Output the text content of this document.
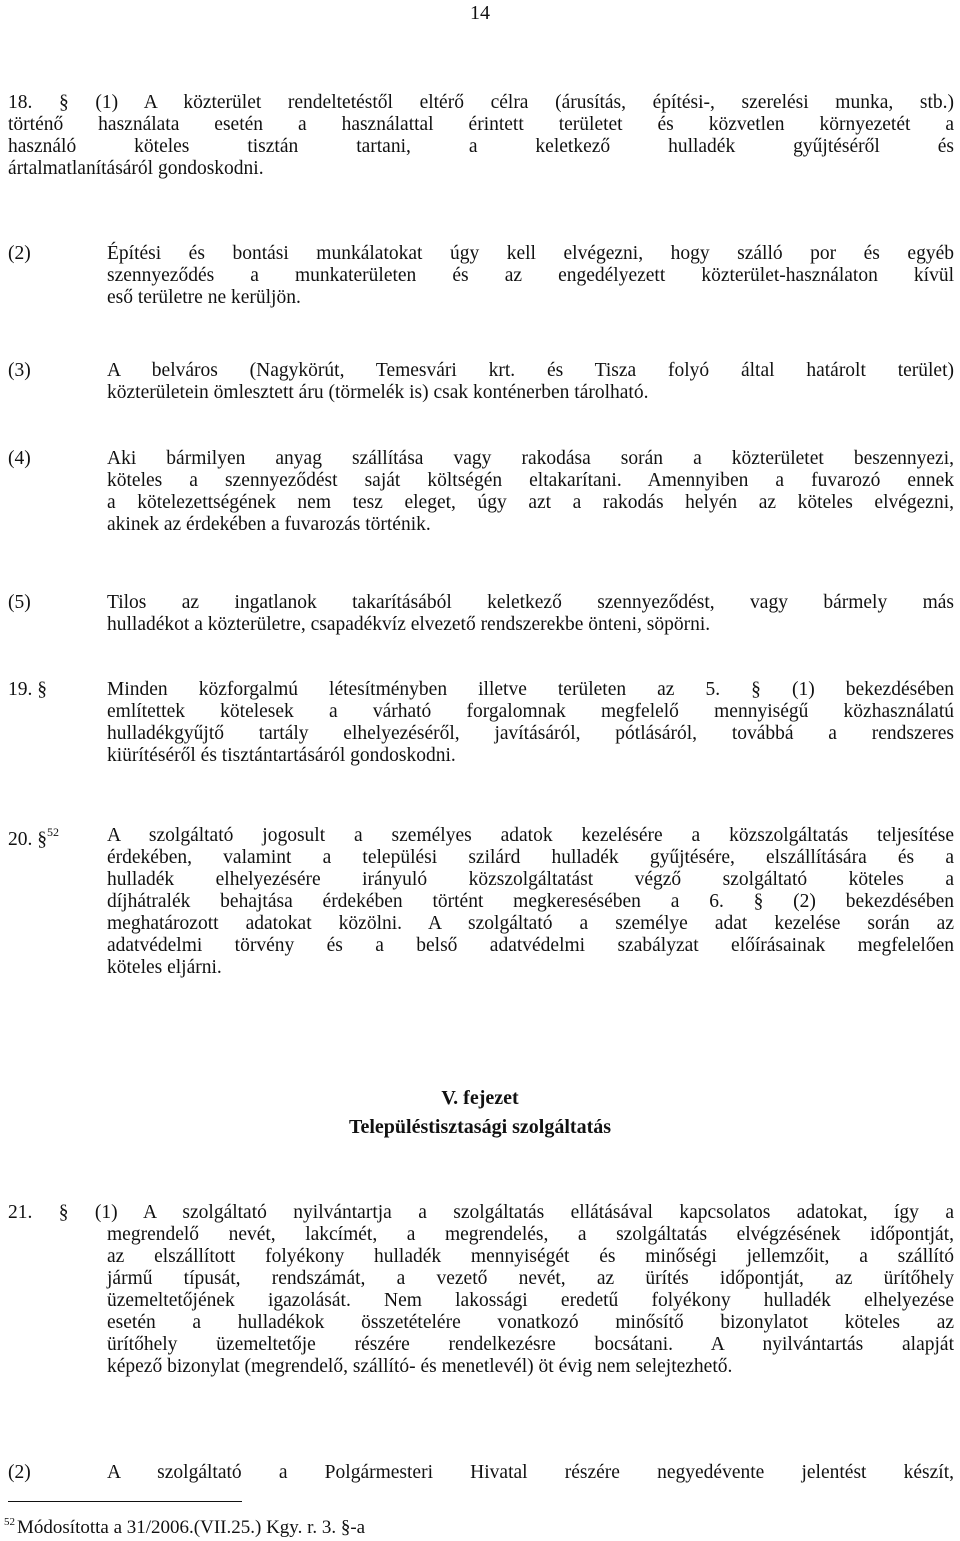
14
18. § (1) A közterület rendeltetéstől eltérő célra (árusítás, építési-, szerelési munka, stb.)
történő használata esetén a használattal érintett területet és közvetlen környezetét a
használó köteles tisztán tartani, a keletkező hulladék gyűjtéséről és
ártalmatlanításáról gondoskodni.
(2)	Építési és bontási munkálatokat úgy kell elvégezni, hogy szálló por és egyéb
szennyeződés a munkaterületen és az engedélyezett közterület-használaton kívül
eső területre ne kerüljön.
(3)	A belváros (Nagykörút, Temesvári krt. és Tisza folyó által határolt terület)
közterületein ömlesztett áru (törmelék is) csak konténerben tárolható.
(4)	Aki bármilyen anyag szállítása vagy rakodása során a közterületet beszennyezi,
köteles a szennyeződést saját költségén eltakarítani. Amennyiben a fuvarozó ennek
a kötelezettségének nem tesz eleget, úgy azt a rakodás helyén az köteles elvégezni,
akinek az érdekében a fuvarozás történik.
(5)	Tilos az ingatlanok takarításából keletkező szennyeződést, vagy bármely más
hulladékot a közterületre, csapadékvíz elvezető rendszerekbe önteni, söpörni.
19. §	Minden közforgalmú létesítményben illetve területen az 5. § (1) bekezdésében
említettek kötelesek a várható forgalomnak megfelelő mennyiségű közhasználatú
hulladékgyűjtő tartály elhelyezéséről, javításáról, pótlásáról, továbbá a rendszeres
kiürítéséről és tisztántartásáról gondoskodni.
20. §$^{52}$	A szolgáltató jogosult a személyes adatok kezelésére a közszolgáltatás teljesítése
érdekében, valamint a települési szilárd hulladék gyűjtésére, elszállítására és a
hulladék elhelyezésére irányuló közszolgáltatást végző szolgáltató köteles a
díjhátralék behajtása érdekében történt megkeresésében a 6. § (2) bekezdésében
meghatározott adatokat közölni. A szolgáltató a személye adat kezelése során az
adatvédelmi törvény és a belső adatvédelmi szabályzat előírásainak megfelelően
köteles eljárni.
V. fejezet
Településtisztasági szolgáltatás
21. § (1) A szolgáltató nyilvántartja a szolgáltatás ellátásával kapcsolatos adatokat, így a
megrendelő nevét, lakcímét, a megrendelés, a szolgáltatás elvégzésének időpontját,
az elszállított folyékony hulladék mennyiségét és minőségi jellemzőit, a szállító
jármű típusát, rendszámát, a vezető nevét, az ürítés időpontját, az ürítőhely
üzemeltetőjének igazolását. Nem lakossági eredetű folyékony hulladék elhelyezése
esetén a hulladékok összetételére vonatkozó minősítő bizonylatot köteles az
ürítőhely üzemeltetője részére rendelkezésre bocsátani. A nyilvántartás alapját
képező bizonylat (megrendelő, szállító- és menetlevél) öt évig nem selejtezhető.
(2)	A szolgáltató a Polgármesteri Hivatal részére negyedévente jelentést készít,
$^{52}$ Módosította a 31/2006.(VII.25.) Kgy. r. 3. §-a
